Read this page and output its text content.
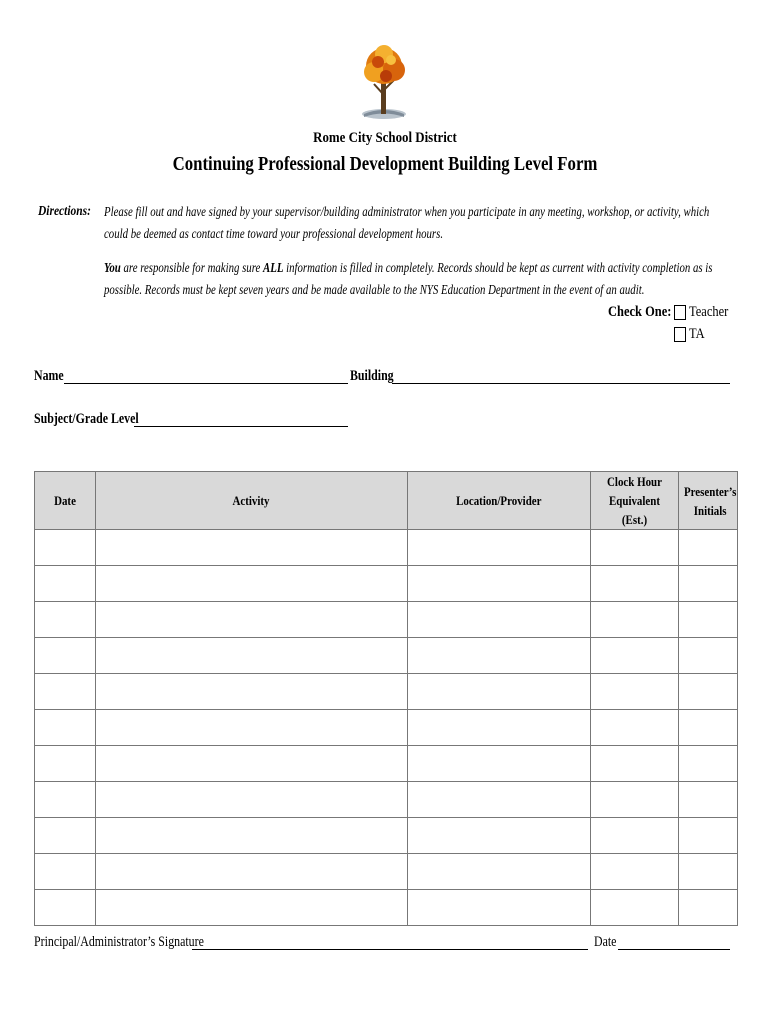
Rome City School District
Continuing Professional Development Building Level Form
Directions: Please fill out and have signed by your supervisor/building administrator when you participate in any meeting, workshop, or activity, which could be deemed as contact time toward your professional development hours.
You are responsible for making sure ALL information is filled in completely. Records should be kept as current with activity completion as is possible. Records must be kept seven years and be made available to the NYS Education Department in the event of an audit.
Check One: Teacher
TA
Name	Building
Subject/Grade Level
Date	Activity	Location/Provider	Clock Hour Equivalent (Est.)	Presenter’s Initials

Principal/Administrator’s Signature	Date
